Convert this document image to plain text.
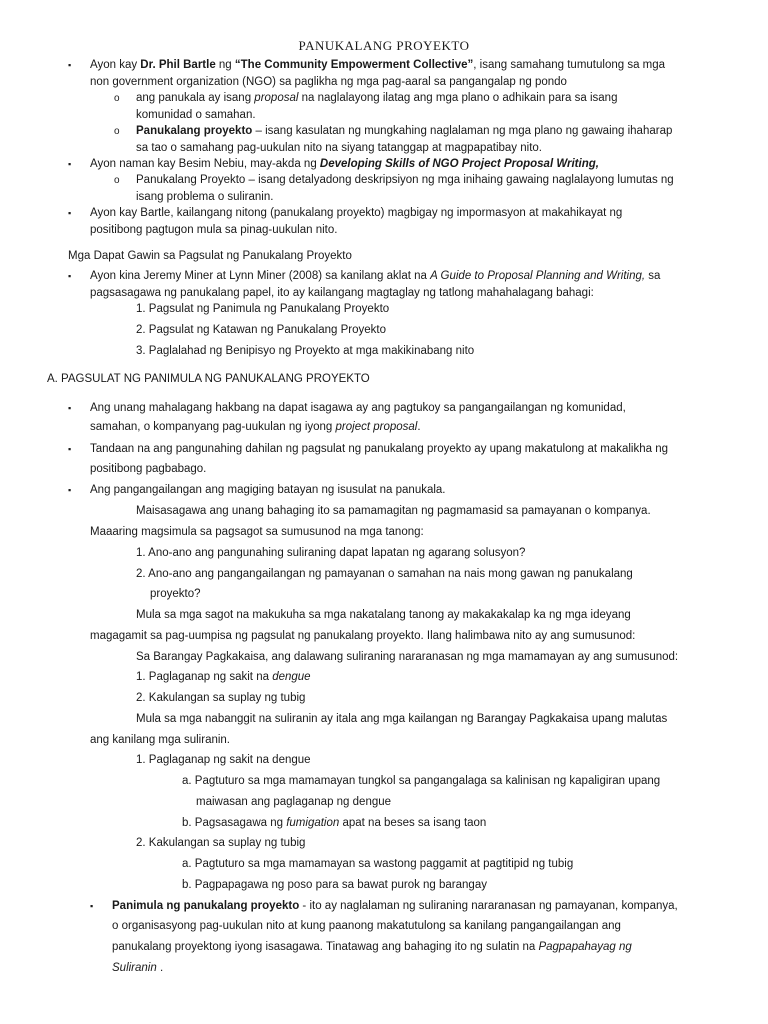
PANUKALANG PROYEKTO
▪ Ayon kay Dr. Phil Bartle ng “The Community Empowerment Collective”, isang samahang tumutulong sa mga
non government organization (NGO) sa paglikha ng mga pag-aaral sa pangangalap ng pondo
o ang panukala ay isang proposal na naglalayong ilatag ang mga plano o adhikain para sa isang
komunidad o samahan.
o Panukalang proyekto – isang kasulatan ng mungkahing naglalaman ng mga plano ng gawaing ihaharap
sa tao o samahang pag-uukulan nito na siyang tatanggap at magpapatibay nito.
▪ Ayon naman kay Besim Nebiu, may-akda ng Developing Skills of NGO Project Proposal Writing,
o Panukalang Proyekto – isang detalyadong deskripsiyon ng mga inihaing gawaing naglalayong lumutas ng
isang problema o suliranin.
▪ Ayon kay Bartle, kailangang nitong (panukalang proyekto) magbigay ng impormasyon at makahikayat ng
positibong pagtugon mula sa pinag-uukulan nito.
Mga Dapat Gawin sa Pagsulat ng Panukalang Proyekto
▪ Ayon kina Jeremy Miner at Lynn Miner (2008) sa kanilang aklat na A Guide to Proposal Planning and Writing, sa
pagsasagawa ng panukalang papel, ito ay kailangang magtaglay ng tatlong mahahalagang bahagi:
1. Pagsulat ng Panimula ng Panukalang Proyekto
2. Pagsulat ng Katawan ng Panukalang Proyekto
3. Paglalahad ng Benipisyo ng Proyekto at mga makikinabang nito
A. PAGSULAT NG PANIMULA NG PANUKALANG PROYEKTO
▪ Ang unang mahalagang hakbang na dapat isagawa ay ang pagtukoy sa pangangailangan ng komunidad,
samahan, o kompanyang pag-uukulan ng iyong project proposal.
▪ Tandaan na ang pangunahing dahilan ng pagsulat ng panukalang proyekto ay upang makatulong at makalikha ng
positibong pagbabago.
▪ Ang pangangailangan ang magiging batayan ng isusulat na panukala.
Maisasagawa ang unang bahaging ito sa pamamagitan ng pagmamasid sa pamayanan o kompanya.
Maaaring magsimula sa pagsagot sa sumusunod na mga tanong:
1. Ano-ano ang pangunahing suliraning dapat lapatan ng agarang solusyon?
2. Ano-ano ang pangangailangan ng pamayanan o samahan na nais mong gawan ng panukalang
proyekto?
Mula sa mga sagot na makukuha sa mga nakatalang tanong ay makakakalap ka ng mga ideyang
magagamit sa pag-uumpisa ng pagsulat ng panukalang proyekto. Ilang halimbawa nito ay ang sumusunod:
Sa Barangay Pagkakaisa, ang dalawang suliraning nararanasan ng mga mamamayan ay ang sumusunod:
1. Paglaganap ng sakit na dengue
2. Kakulangan sa suplay ng tubig
Mula sa mga nabanggit na suliranin ay itala ang mga kailangan ng Barangay Pagkakaisa upang malutas
ang kanilang mga suliranin.
1. Paglaganap ng sakit na dengue
a. Pagtuturo sa mga mamamayan tungkol sa pangangalaga sa kalinisan ng kapaligiran upang
maiwasan ang paglaganap ng dengue
b. Pagsasagawa ng fumigation apat na beses sa isang taon
2. Kakulangan sa suplay ng tubig
a. Pagtuturo sa mga mamamayan sa wastong paggamit at pagtitipid ng tubig
b. Pagpapagawa ng poso para sa bawat purok ng barangay
▪ Panimula ng panukalang proyekto - ito ay naglalaman ng suliraning nararanasan ng pamayanan, kompanya,
o organisasyong pag-uukulan nito at kung paanong makatutulong sa kanilang pangangailangan ang
panukalang proyektong iyong isasagawa. Tinatawag ang bahaging ito ng sulatin na Pagpapahayag ng
Suliranin .
